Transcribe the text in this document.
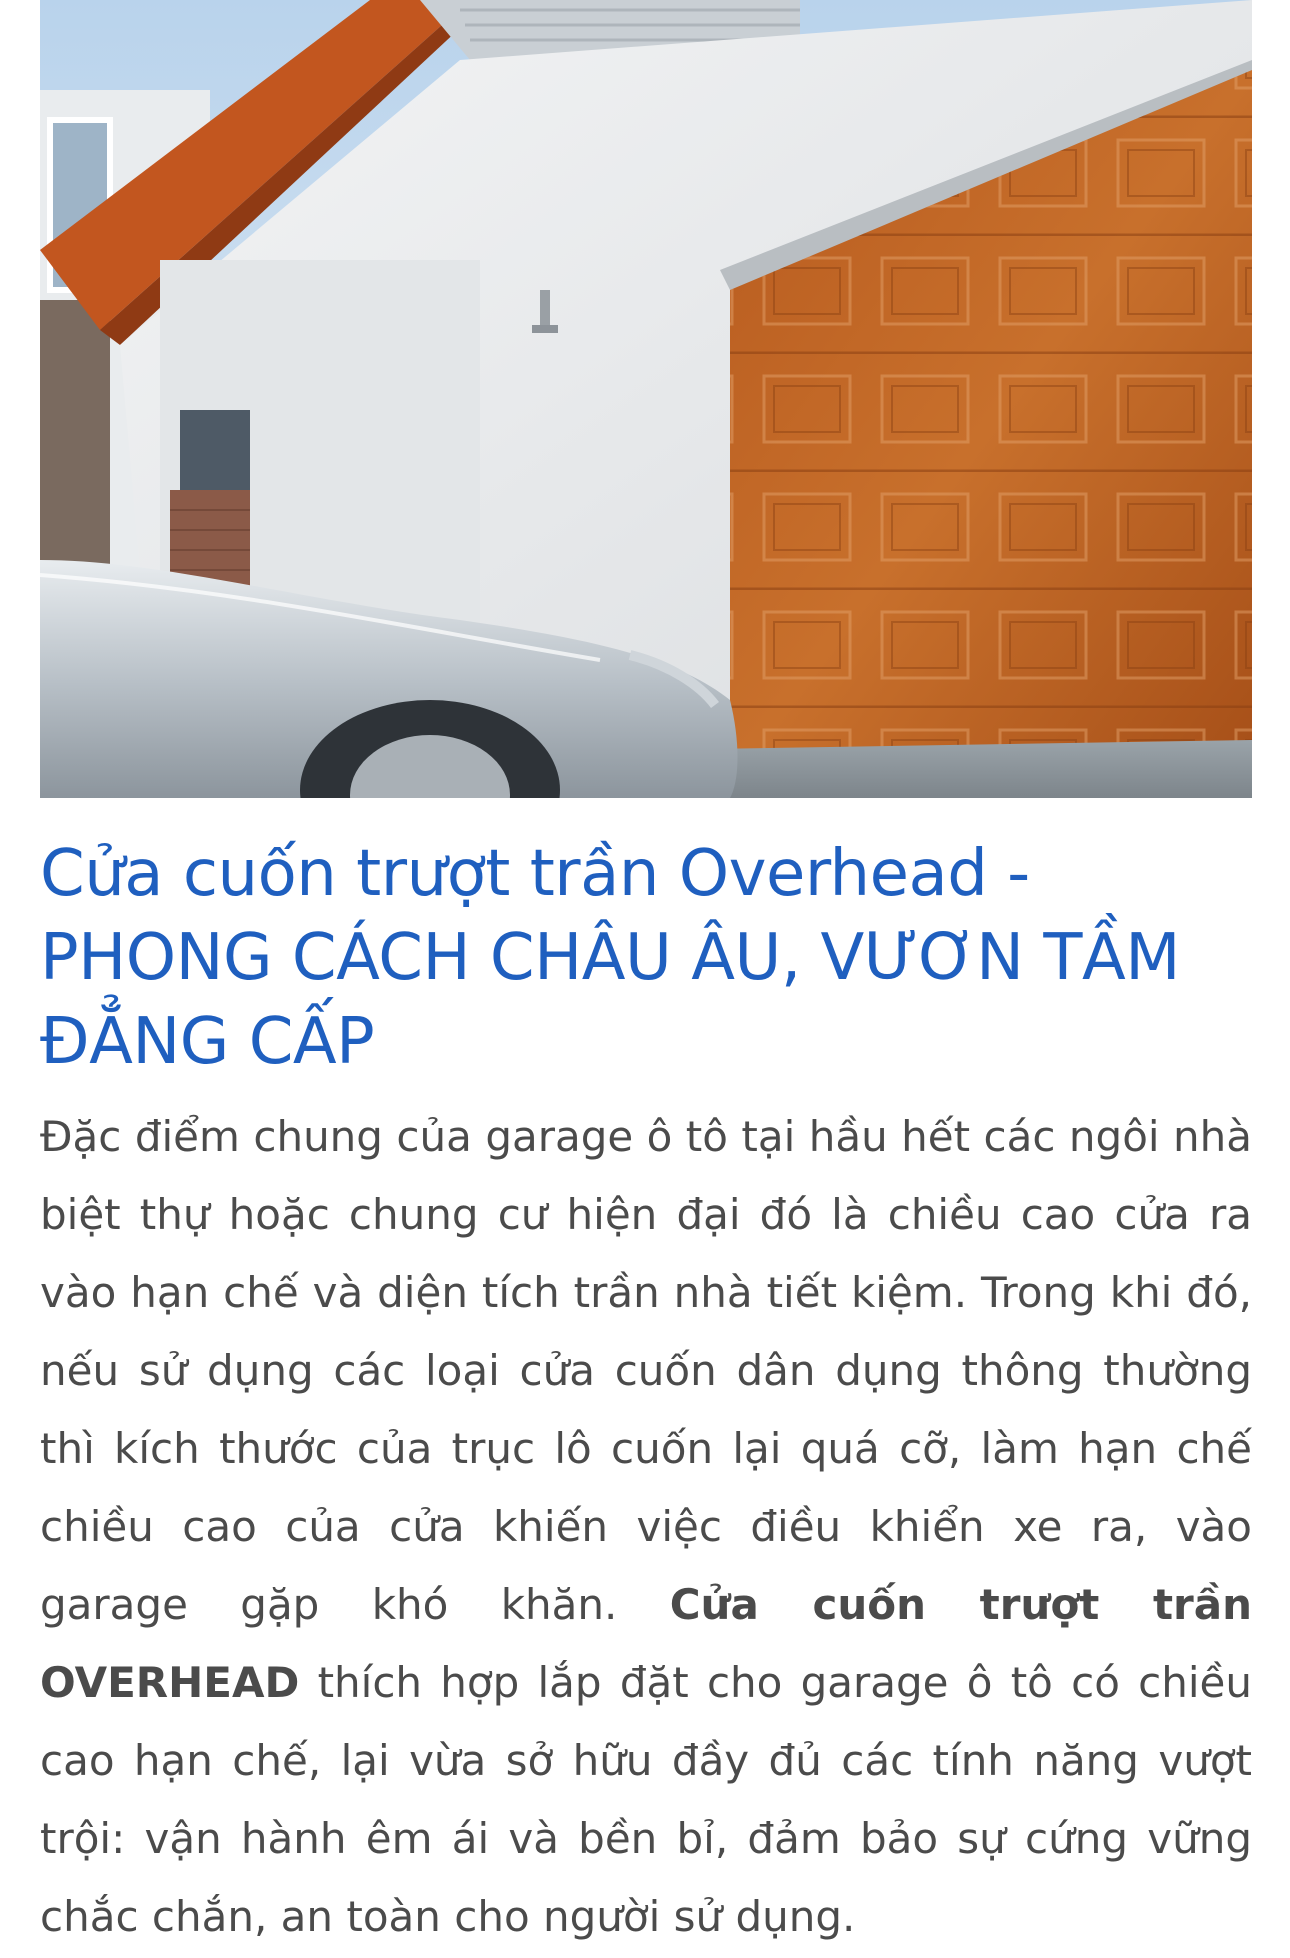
Cửa cuốn trượt trần Overhead - PHONG CÁCH CHÂU ÂU, VƯƠN TẦM ĐẲNG CẤP

Đặc điểm chung của garage ô tô tại hầu hết các ngôi nhà biệt thự hoặc chung cư hiện đại đó là chiều cao cửa ra vào hạn chế và diện tích trần nhà tiết kiệm. Trong khi đó, nếu sử dụng các loại cửa cuốn dân dụng thông thường thì kích thước của trục lô cuốn lại quá cỡ, làm hạn chế chiều cao của cửa khiến việc điều khiển xe ra, vào garage gặp khó khăn. Cửa cuốn trượt trần OVERHEAD thích hợp lắp đặt cho garage ô tô có chiều cao hạn chế, lại vừa sở hữu đầy đủ các tính năng vượt trội: vận hành êm ái và bền bỉ, đảm bảo sự cứng vững chắc chắn, an toàn cho người sử dụng.
